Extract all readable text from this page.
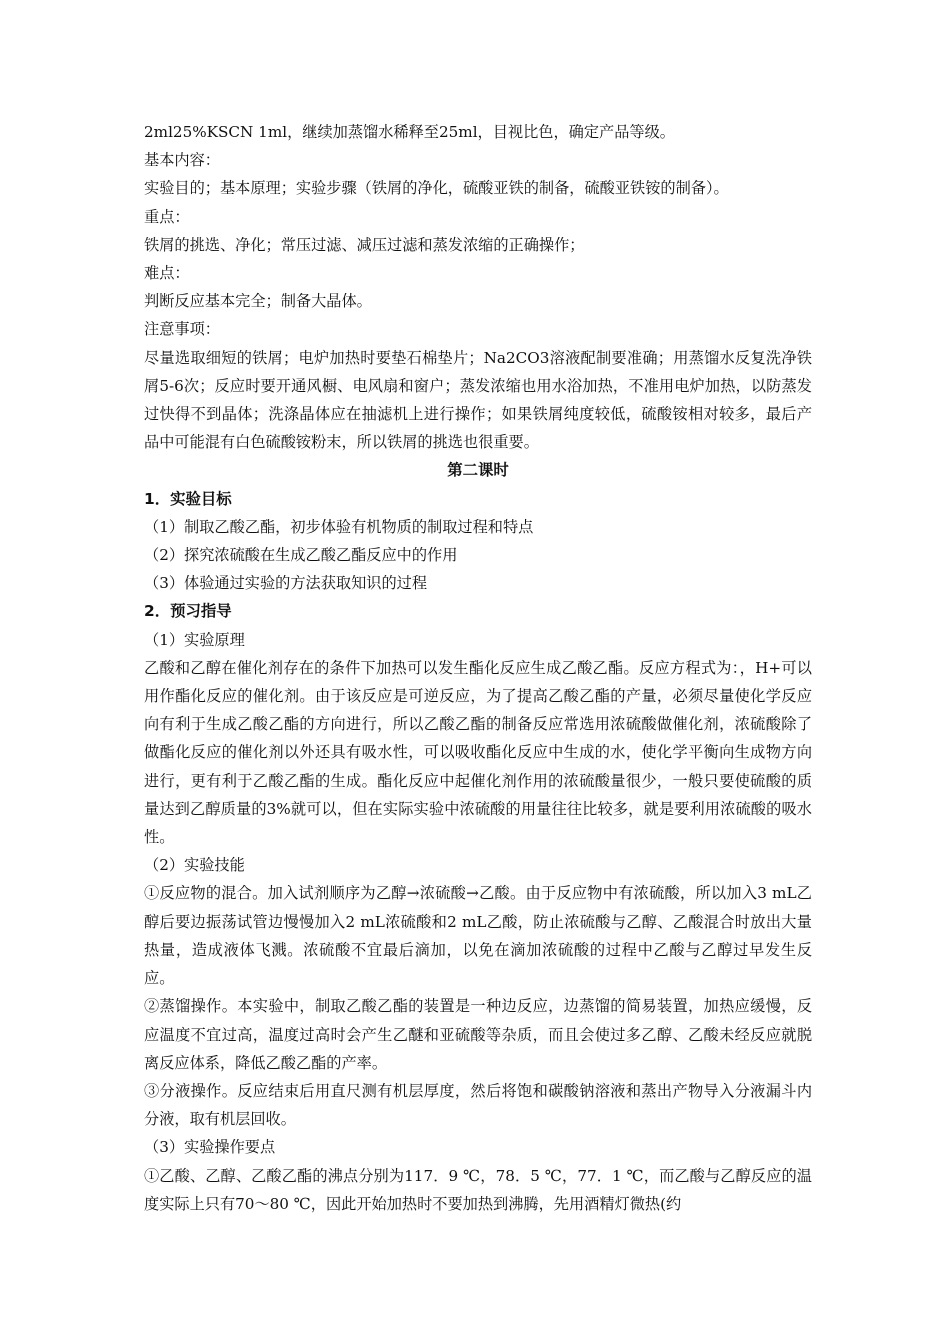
2ml25%KSCN 1ml，继续加蒸馏水稀释至25ml，目视比色，确定产品等级。

基本内容：

实验目的；基本原理；实验步骤（铁屑的净化，硫酸亚铁的制备，硫酸亚铁铵的制备）。

重点：

铁屑的挑选、净化；常压过滤、减压过滤和蒸发浓缩的正确操作；

难点：

判断反应基本完全；制备大晶体。

注意事项：

尽量选取细短的铁屑；电炉加热时要垫石棉垫片；Na2CO3溶液配制要准确；用蒸馏水反复洗净铁屑5-6次；反应时要开通风橱、电风扇和窗户；蒸发浓缩也用水浴加热，不准用电炉加热，以防蒸发过快得不到晶体；洗涤晶体应在抽滤机上进行操作；如果铁屑纯度较低，硫酸铵相对较多，最后产品中可能混有白色硫酸铵粉末，所以铁屑的挑选也很重要。

第二课时

1．实验目标

（1）制取乙酸乙酯，初步体验有机物质的制取过程和特点

（2）探究浓硫酸在生成乙酸乙酯反应中的作用

（3）体验通过实验的方法获取知识的过程

2．预习指导

（1）实验原理

乙酸和乙醇在催化剂存在的条件下加热可以发生酯化反应生成乙酸乙酯。反应方程式为：，H+可以用作酯化反应的催化剂。由于该反应是可逆反应，为了提高乙酸乙酯的产量，必须尽量使化学反应向有利于生成乙酸乙酯的方向进行，所以乙酸乙酯的制备反应常选用浓硫酸做催化剂，浓硫酸除了做酯化反应的催化剂以外还具有吸水性，可以吸收酯化反应中生成的水，使化学平衡向生成物方向进行，更有利于乙酸乙酯的生成。酯化反应中起催化剂作用的浓硫酸量很少，一般只要使硫酸的质量达到乙醇质量的3%就可以，但在实际实验中浓硫酸的用量往往比较多，就是要利用浓硫酸的吸水性。

（2）实验技能

①反应物的混合。加入试剂顺序为乙醇→浓硫酸→乙酸。由于反应物中有浓硫酸，所以加入3 mL乙醇后要边振荡试管边慢慢加入2 mL浓硫酸和2 mL乙酸，防止浓硫酸与乙醇、乙酸混合时放出大量热量，造成液体飞溅。浓硫酸不宜最后滴加，以免在滴加浓硫酸的过程中乙酸与乙醇过早发生反应。

②蒸馏操作。本实验中，制取乙酸乙酯的装置是一种边反应，边蒸馏的简易装置，加热应缓慢，反应温度不宜过高，温度过高时会产生乙醚和亚硫酸等杂质，而且会使过多乙醇、乙酸未经反应就脱离反应体系，降低乙酸乙酯的产率。

③分液操作。反应结束后用直尺测有机层厚度，然后将饱和碳酸钠溶液和蒸出产物导入分液漏斗内分液，取有机层回收。

（3）实验操作要点

①乙酸、乙醇、乙酸乙酯的沸点分别为117．9 ℃，78．5 ℃，77．1 ℃，而乙酸与乙醇反应的温度实际上只有70～80 ℃，因此开始加热时不要加热到沸腾，先用酒精灯微热(约
